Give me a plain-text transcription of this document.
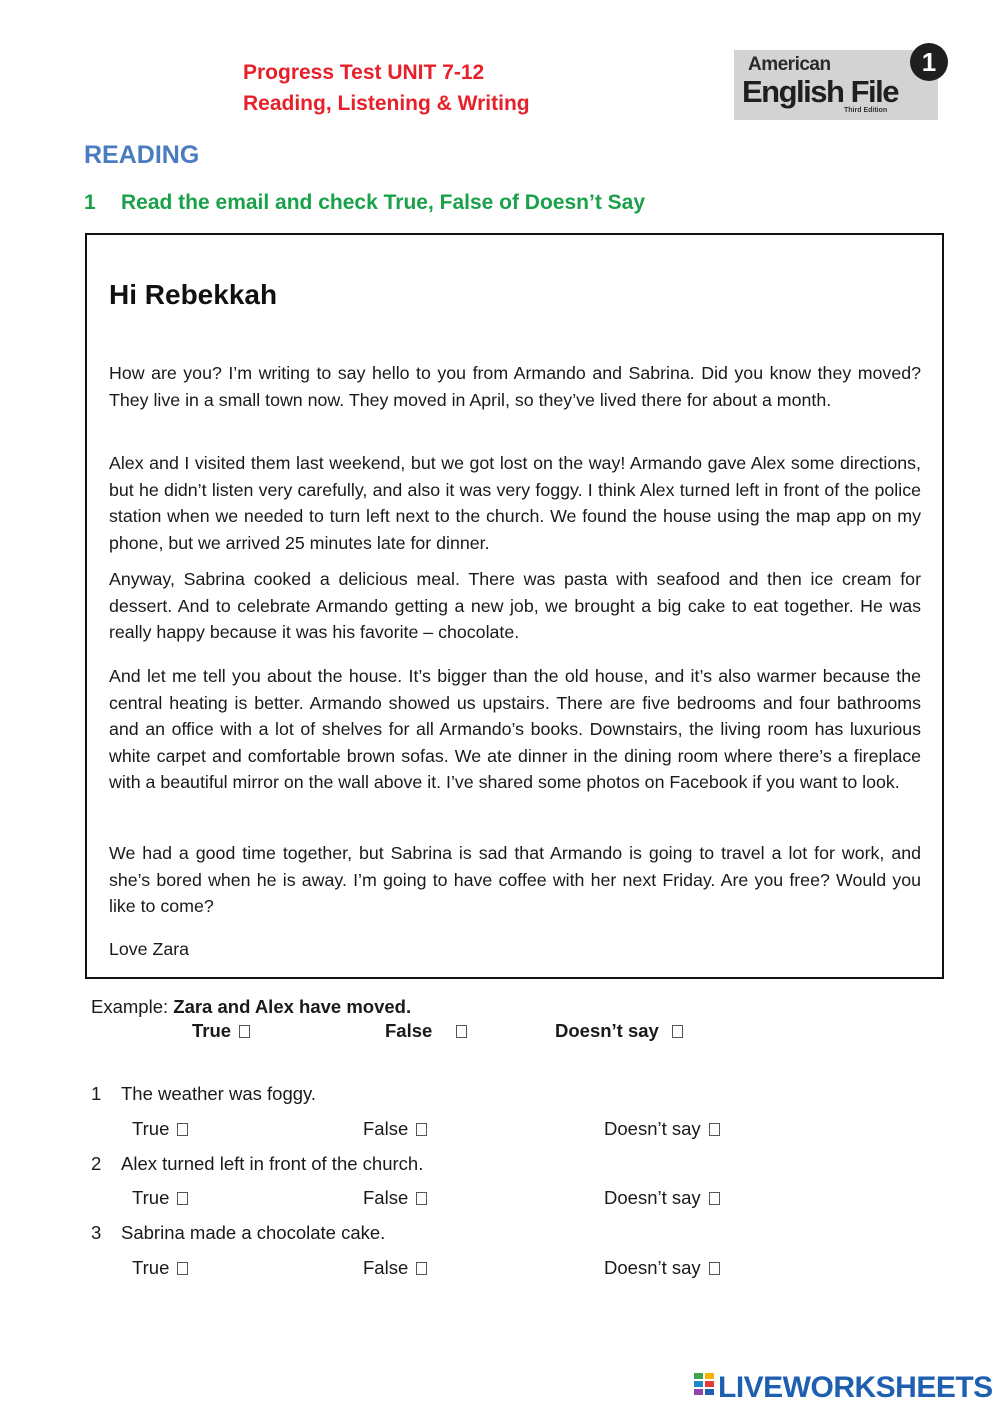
Progress Test UNIT 7-12
Reading, Listening & Writing
American
English File
Third Edition
1
READING
1 Read the email and check True, False of Doesn’t Say
Hi Rebekkah

How are you? I’m writing to say hello to you from Armando and Sabrina. Did you know they moved? They live in a small town now. They moved in April, so they’ve lived there for about a month.

Alex and I visited them last weekend, but we got lost on the way! Armando gave Alex some directions, but he didn’t listen very carefully, and also it was very foggy. I think Alex turned left in front of the police station when we needed to turn left next to the church. We found the house using the map app on my phone, but we arrived 25 minutes late for dinner.

Anyway, Sabrina cooked a delicious meal. There was pasta with seafood and then ice cream for dessert. And to celebrate Armando getting a new job, we brought a big cake to eat together. He was really happy because it was his favorite – chocolate.

And let me tell you about the house. It’s bigger than the old house, and it’s also warmer because the central heating is better. Armando showed us upstairs. There are five bedrooms and four bathrooms and an office with a lot of shelves for all Armando’s books. Downstairs, the living room has luxurious white carpet and comfortable brown sofas. We ate dinner in the dining room where there’s a fireplace with a beautiful mirror on the wall above it. I’ve shared some photos on Facebook if you want to look.

We had a good time together, but Sabrina is sad that Armando is going to travel a lot for work, and she’s bored when he is away. I’m going to have coffee with her next Friday. Are you free? Would you like to come?

Love Zara

Example: Zara and Alex have moved.
True	False	Doesn’t say
1 The weather was foggy.
True	False	Doesn’t say
2 Alex turned left in front of the church.
True	False	Doesn’t say
3 Sabrina made a chocolate cake.
True	False	Doesn’t say
LIVEWORKSHEETS
